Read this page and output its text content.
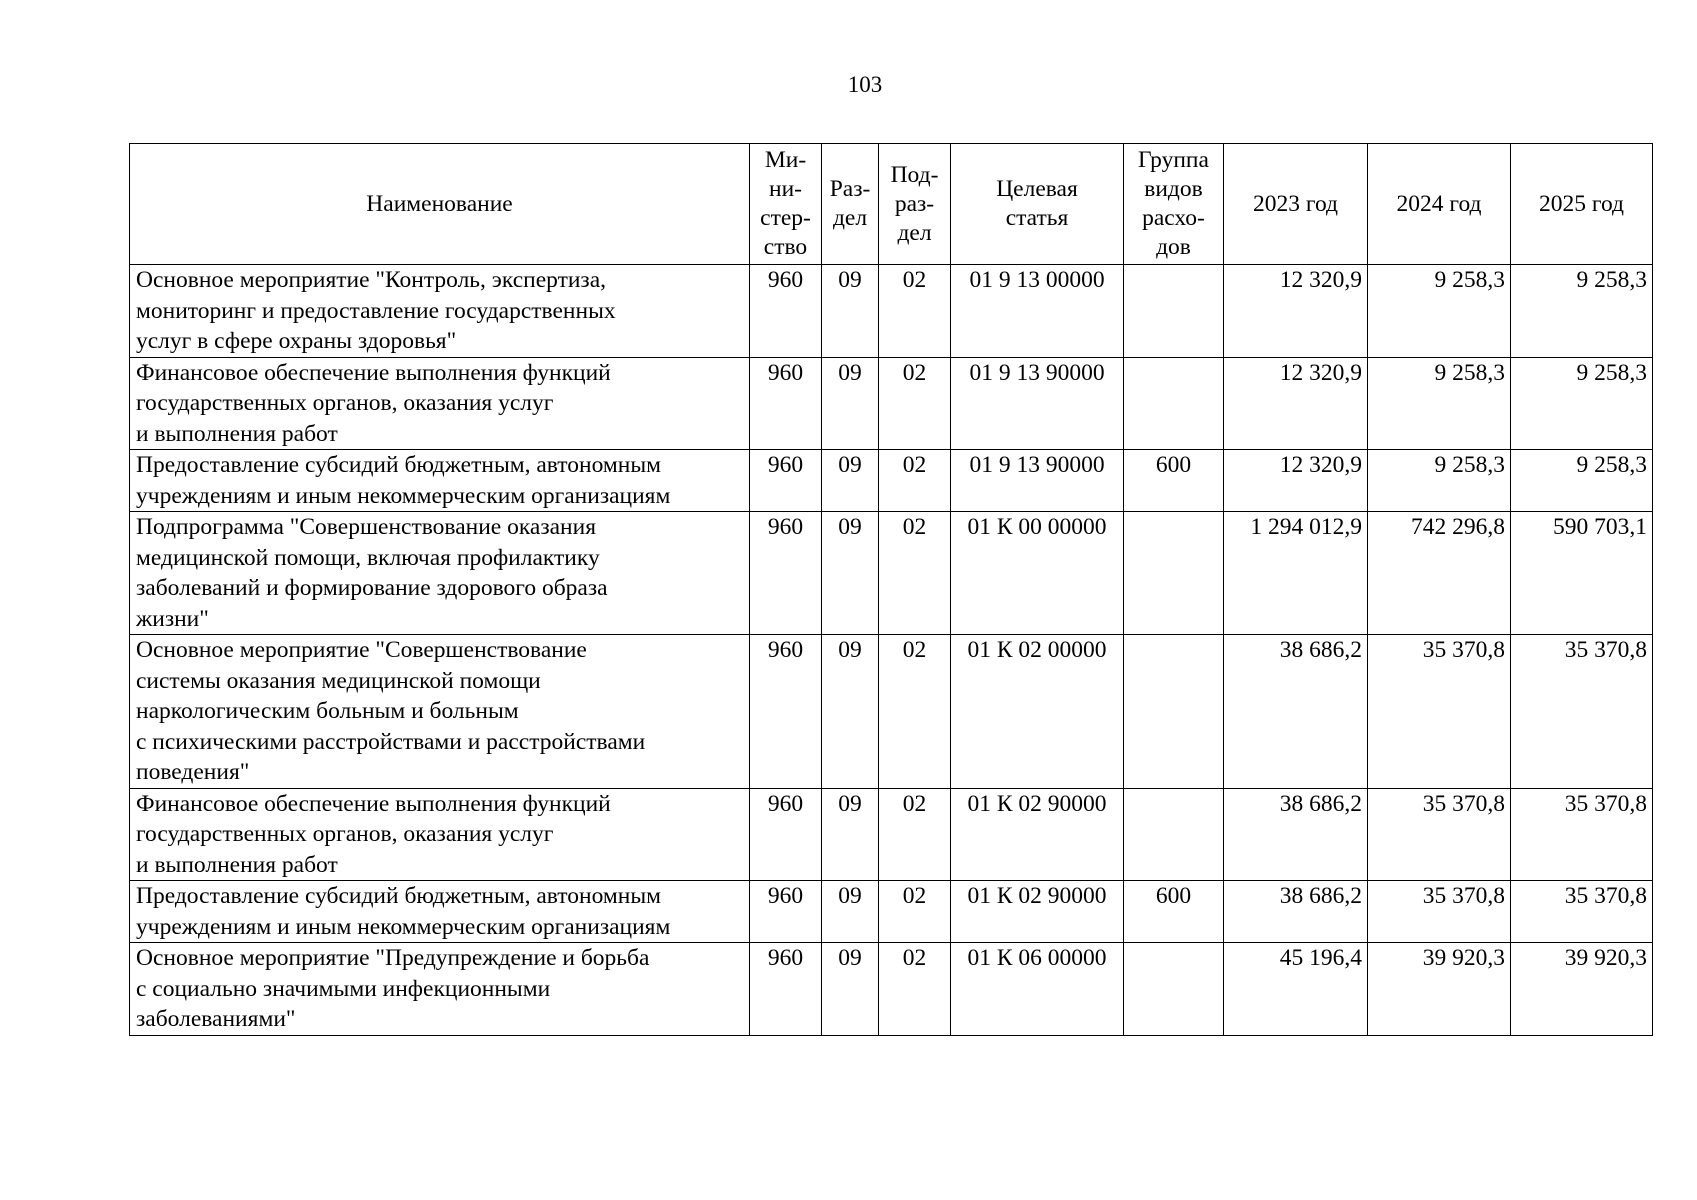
103
Наименование	Ми-
ни-
стер-
ство	Раз-
дел	Под-
раз-
дел	Целевая
статья	Группа
видов
расхо-
дов	2023 год	2024 год	2025 год
Основное мероприятие "Контроль, экспертиза,
мониторинг и предоставление государственных
услуг в сфере охраны здоровья"	960	09	02	01 9 13 00000		12 320,9	9 258,3	9 258,3
Финансовое обеспечение выполнения функций
государственных органов, оказания услуг
и выполнения работ	960	09	02	01 9 13 90000		12 320,9	9 258,3	9 258,3
Предоставление субсидий бюджетным, автономным
учреждениям и иным некоммерческим организациям	960	09	02	01 9 13 90000	600	12 320,9	9 258,3	9 258,3
Подпрограмма "Совершенствование оказания
медицинской помощи, включая профилактику
заболеваний и формирование здорового образа
жизни"	960	09	02	01 К 00 00000		1 294 012,9	742 296,8	590 703,1
Основное мероприятие "Совершенствование
системы оказания медицинской помощи
наркологическим больным и больным
с психическими расстройствами и расстройствами
поведения"	960	09	02	01 К 02 00000		38 686,2	35 370,8	35 370,8
Финансовое обеспечение выполнения функций
государственных органов, оказания услуг
и выполнения работ	960	09	02	01 К 02 90000		38 686,2	35 370,8	35 370,8
Предоставление субсидий бюджетным, автономным
учреждениям и иным некоммерческим организациям	960	09	02	01 К 02 90000	600	38 686,2	35 370,8	35 370,8
Основное мероприятие "Предупреждение и борьба
с социально значимыми инфекционными
заболеваниями"	960	09	02	01 К 06 00000		45 196,4	39 920,3	39 920,3
